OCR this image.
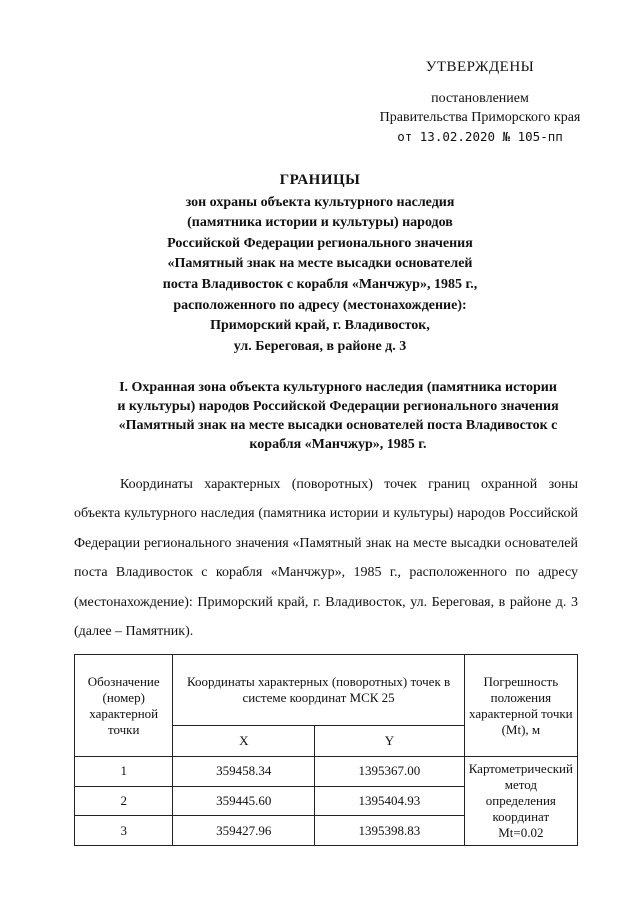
УТВЕРЖДЕНЫ
постановлением
Правительства Приморского края
от 13.02.2020 № 105-пп
ГРАНИЦЫ
зон охраны объекта культурного наследия
(памятника истории и культуры) народов
Российской Федерации регионального значения
«Памятный знак на месте высадки основателей
поста Владивосток с корабля «Манчжур», 1985 г.,
расположенного по адресу (местонахождение):
Приморский край, г. Владивосток,
ул. Береговая, в районе д. 3
I. Охранная зона объекта культурного наследия (памятника истории
и культуры) народов Российской Федерации регионального значения
«Памятный знак на месте высадки основателей поста Владивосток с
корабля «Манчжур», 1985 г.
Координаты характерных (поворотных) точек границ охранной зоны объекта культурного наследия (памятника истории и культуры) народов Российской Федерации регионального значения «Памятный знак на месте высадки основателей поста Владивосток с корабля «Манчжур», 1985 г., расположенного по адресу (местонахождение): Приморский край, г. Владивосток, ул. Береговая, в районе д. 3 (далее – Памятник).
Обозначение (номер) характерной точки	Координаты характерных (поворотных) точек в системе координат МСК 25		Погрешность положения характерной точки (Mt), м
	X	Y	
1	359458.34	1395367.00	Картометрический метод определения координат Mt=0.02
2	359445.60	1395404.93	
3	359427.96	1395398.83	
